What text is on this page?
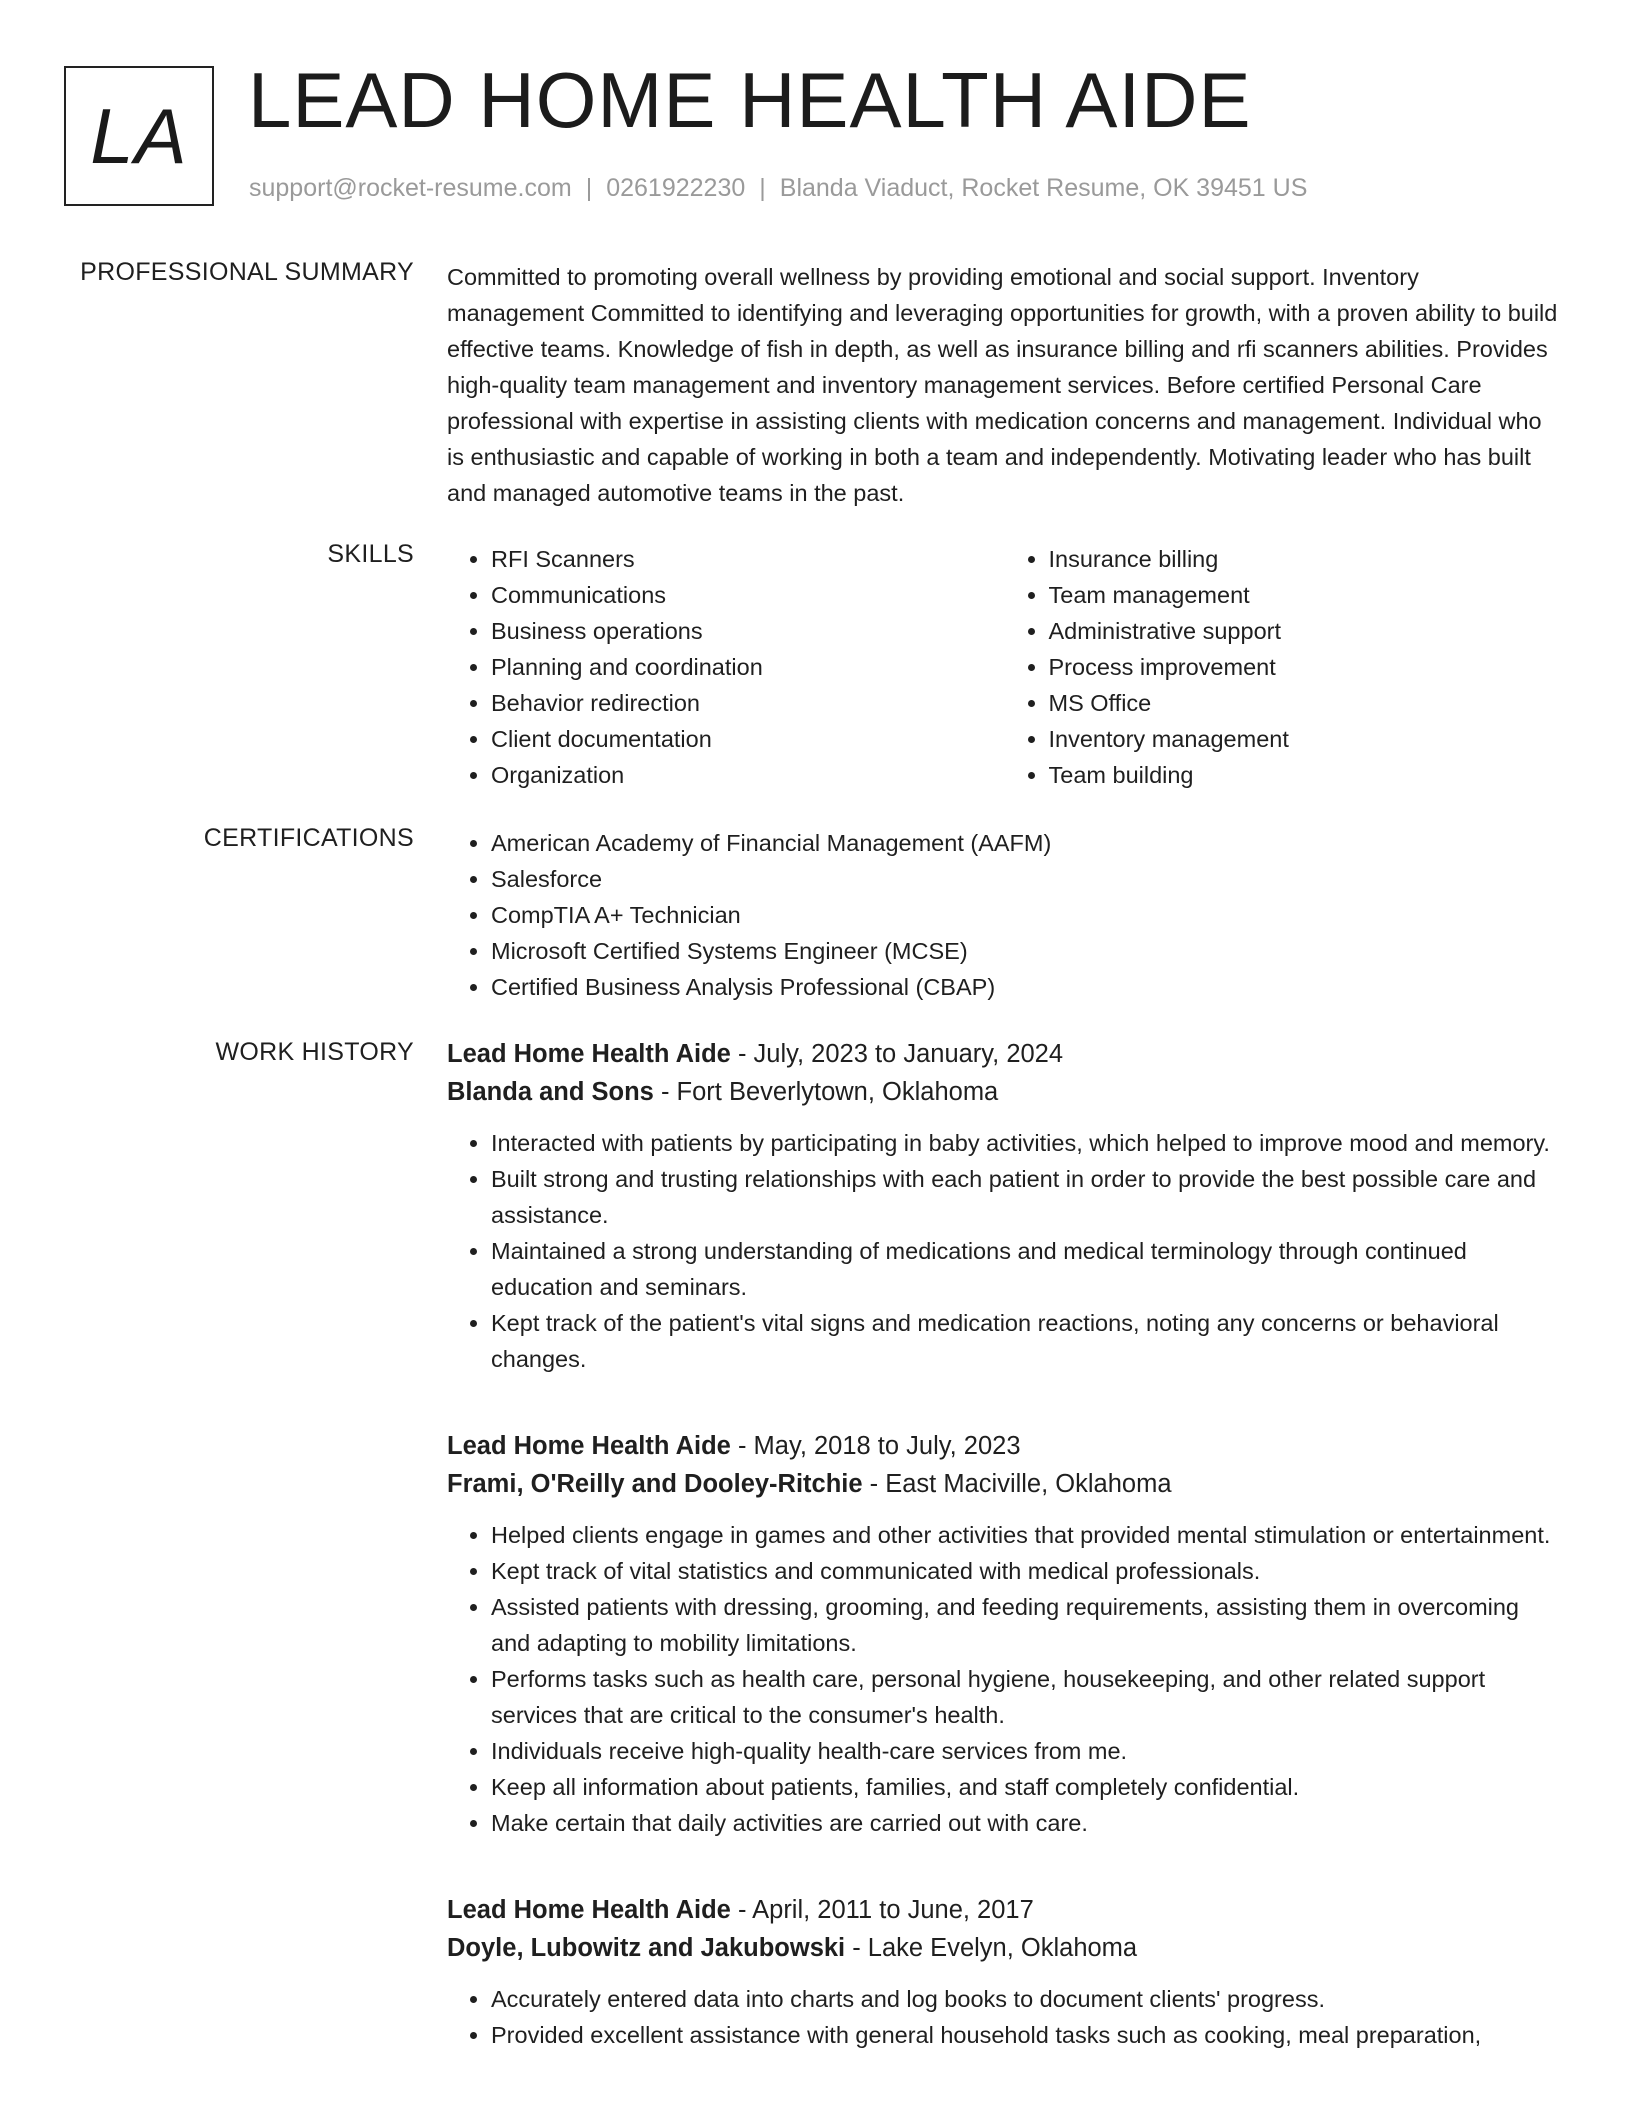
LA LEAD HOME HEALTH AIDE
support@rocket-resume.com | 0261922230 | Blanda Viaduct, Rocket Resume, OK 39451 US
PROFESSIONAL SUMMARY Committed to promoting overall wellness by providing emotional and social support. Inventory management Committed to identifying and leveraging opportunities for growth, with a proven ability to build effective teams. Knowledge of fish in depth, as well as insurance billing and rfi scanners abilities. Provides high-quality team management and inventory management services. Before certified Personal Care professional with expertise in assisting clients with medication concerns and management. Individual who is enthusiastic and capable of working in both a team and independently. Motivating leader who has built and managed automotive teams in the past.

SKILLS	• RFI Scanners
• Communications
• Business operations
• Planning and coordination
• Behavior redirection
• Client documentation
• Organization
• Insurance billing
• Team management
• Administrative support
• Process improvement
• MS Office
• Inventory management
• Team building
CERTIFICATIONS	• American Academy of Financial Management (AAFM)
• Salesforce
• CompTIA A+ Technician
• Microsoft Certified Systems Engineer (MCSE)
• Certified Business Analysis Professional (CBAP)
WORK HISTORY Lead Home Health Aide - July, 2023 to January, 2024
Blanda and Sons - Fort Beverlytown, Oklahoma
• Interacted with patients by participating in baby activities, which helped to improve mood and memory.
• Built strong and trusting relationships with each patient in order to provide the best possible care and assistance.
• Maintained a strong understanding of medications and medical terminology through continued education and seminars.
• Kept track of the patient's vital signs and medication reactions, noting any concerns or behavioral changes.
Lead Home Health Aide - May, 2018 to July, 2023
Frami, O'Reilly and Dooley-Ritchie - East Maciville, Oklahoma
• Helped clients engage in games and other activities that provided mental stimulation or entertainment.
• Kept track of vital statistics and communicated with medical professionals.
• Assisted patients with dressing, grooming, and feeding requirements, assisting them in overcoming and adapting to mobility limitations.
• Performs tasks such as health care, personal hygiene, housekeeping, and other related support services that are critical to the consumer's health.
• Individuals receive high-quality health-care services from me.
• Keep all information about patients, families, and staff completely confidential.
• Make certain that daily activities are carried out with care.
Lead Home Health Aide - April, 2011 to June, 2017
Doyle, Lubowitz and Jakubowski - Lake Evelyn, Oklahoma
• Accurately entered data into charts and log books to document clients' progress.
• Provided excellent assistance with general household tasks such as cooking, meal preparation,
